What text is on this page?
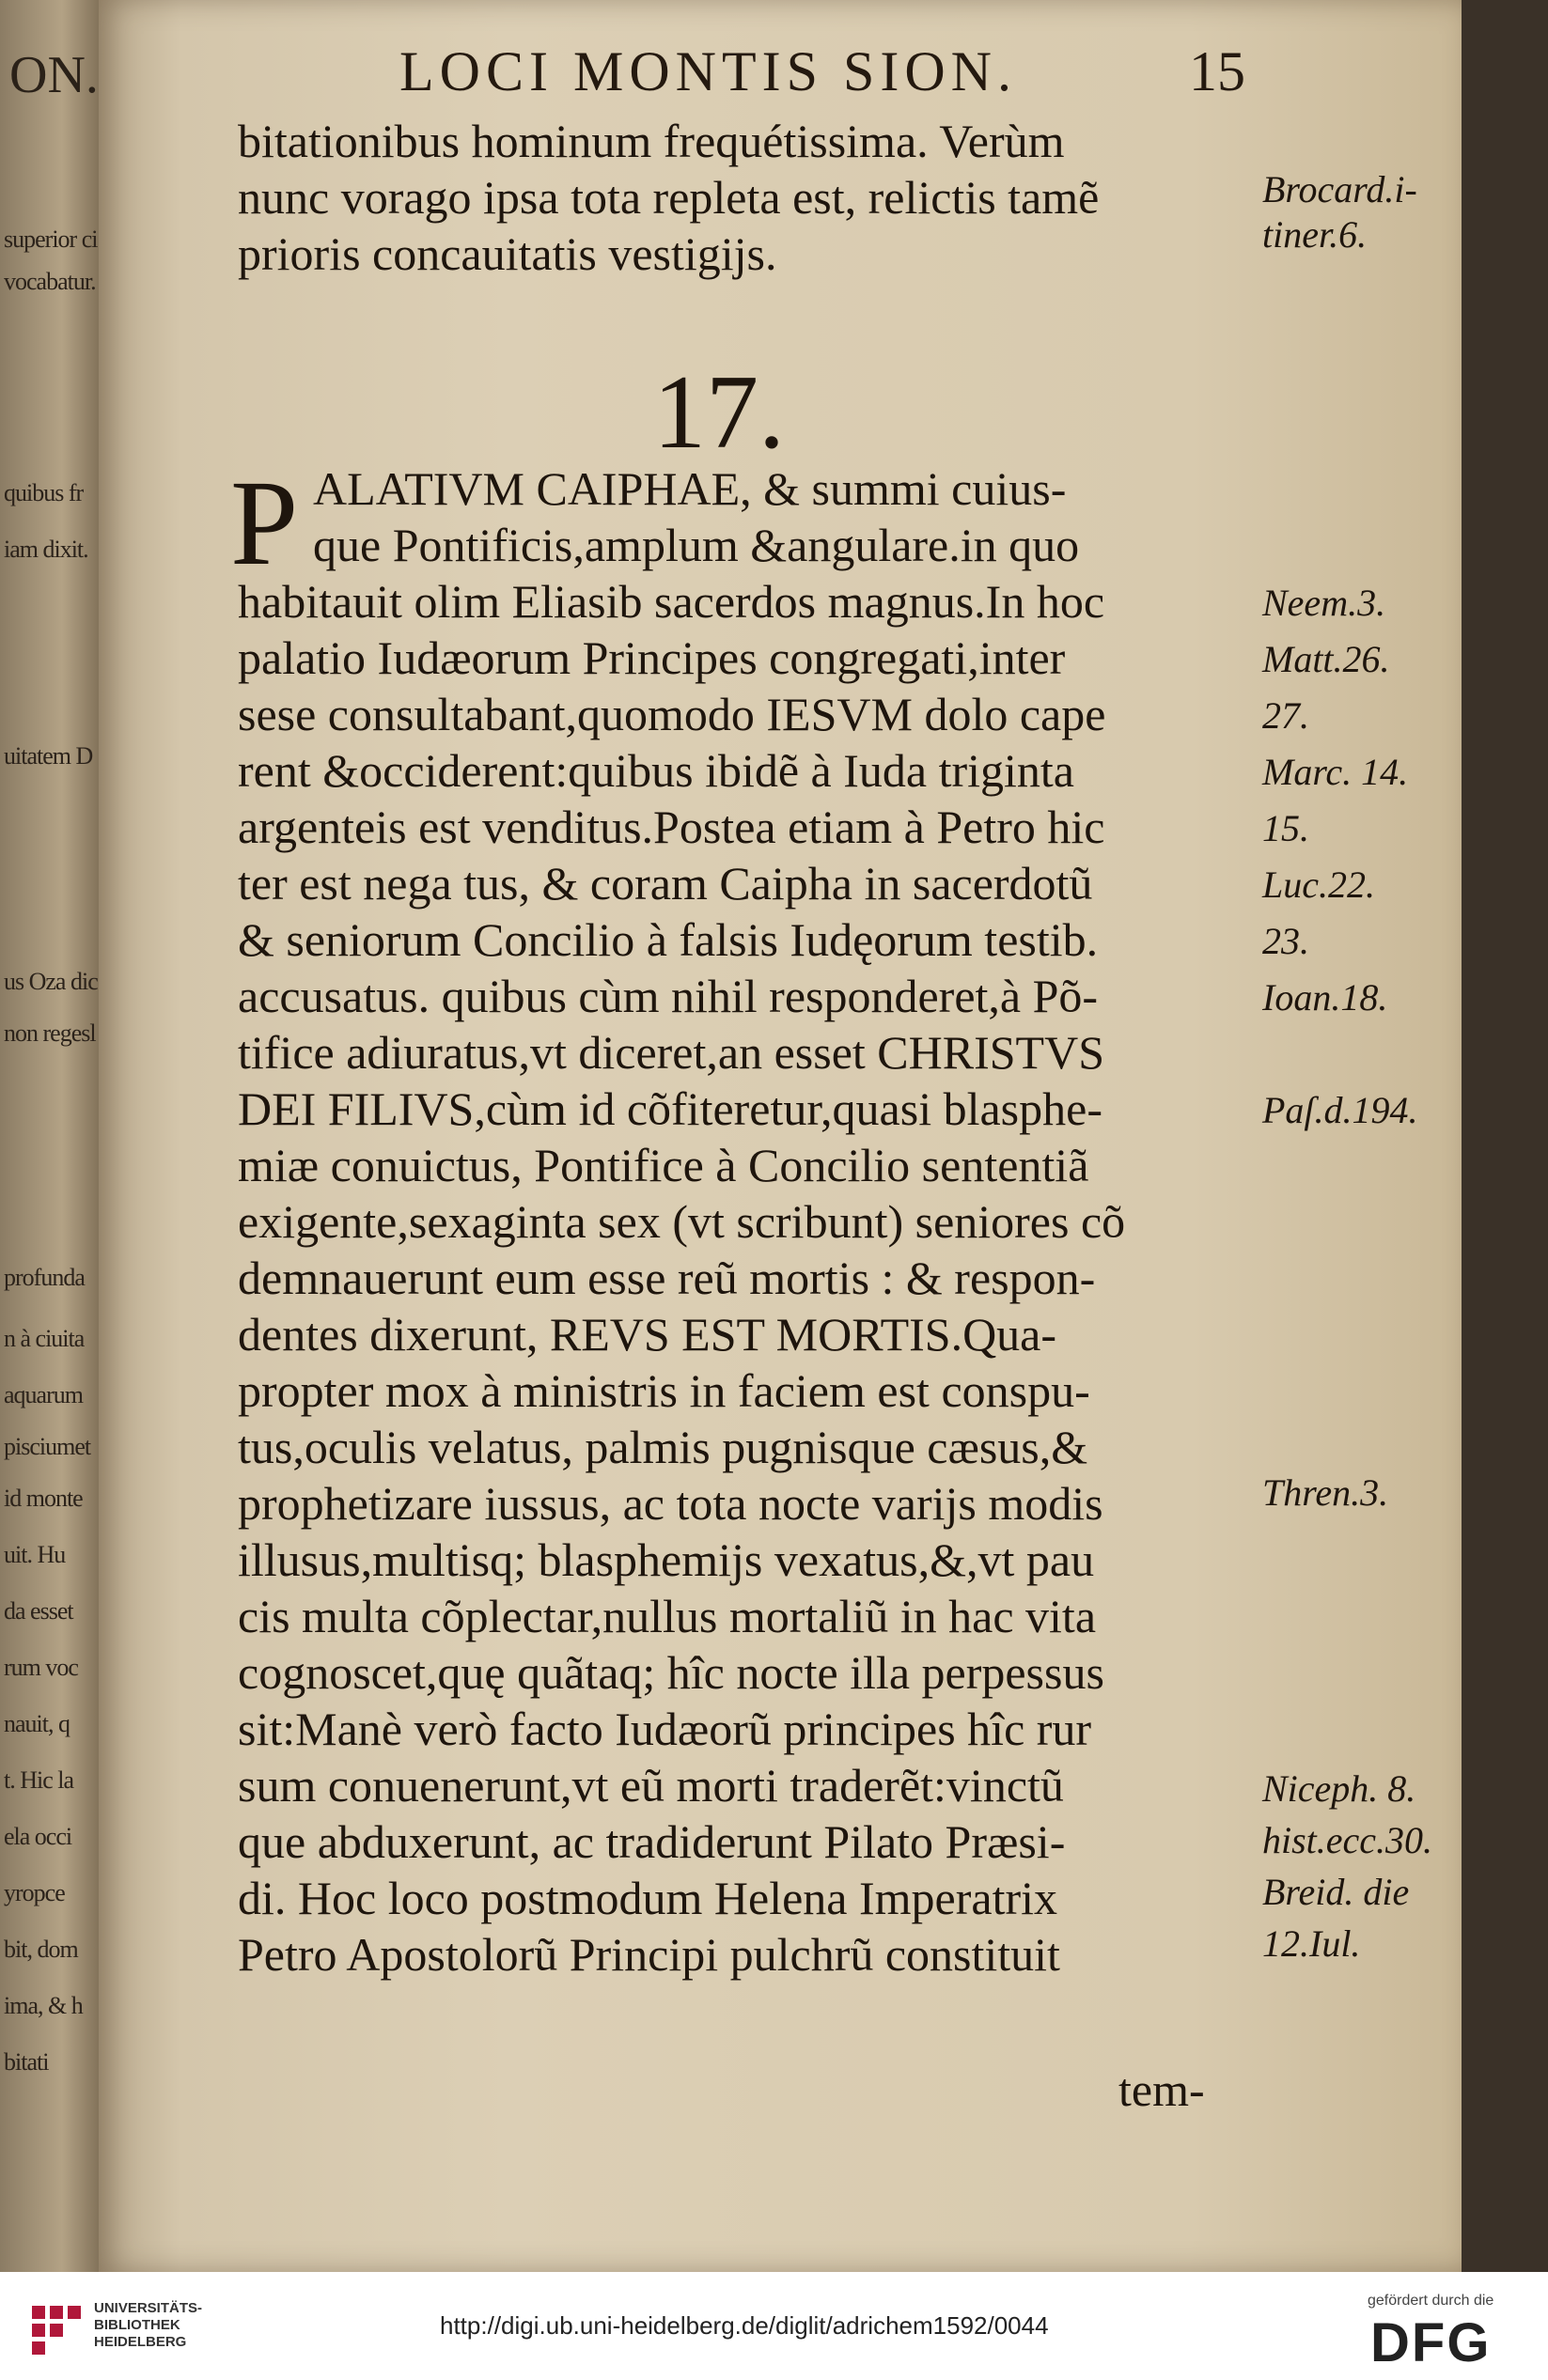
ON.
superior ci
vocabatur.
quibus fr
iam dixit.
uitatem D
us Oza dic
non regesl
profunda
n à ciuita
aquarum
pisciumet
id monte
uit. Hu
da esset
rum voc
nauit, q
t. Hic la
ela occi
yropce
bit, dom
ima, & h
bitati
LOCI MONTIS SION.	15
bitationibus hominum frequétissima. Verùm
nunc vorago ipsa tota repleta est, relictis tamẽ
prioris concauitatis vestigijs.
17.
P ALATIVM CAIPHAE, & summi cuius-
que Pontificis,amplum &angulare.in quo
habitauit olim Eliasib sacerdos magnus.In hoc
palatio Iudæorum Principes congregati,inter
sese consultabant,quomodo IESVM dolo cape
rent &occiderent:quibus ibidẽ à Iuda triginta
argenteis est venditus.Postea etiam à Petro hic
ter est nega tus, & coram Caipha in sacerdotũ
& seniorum Concilio à falsis Iudęorum testib.
accusatus. quibus cùm nihil responderet,à Põ-
tifice adiuratus,vt diceret,an esset CHRISTVS
DEI FILIVS,cùm id cõfiteretur,quasi blasphe-
miæ conuictus, Pontifice à Concilio sententiã
exigente,sexaginta sex (vt scribunt) seniores cõ
demnauerunt eum esse reũ mortis : & respon-
dentes dixerunt, REVS EST MORTIS.Qua-
propter mox à ministris in faciem est conspu-
tus,oculis velatus, palmis pugnisque cæsus,&
prophetizare iussus, ac tota nocte varijs modis
illusus,multisq; blasphemijs vexatus,&,vt pau
cis multa cõplectar,nullus mortaliũ in hac vita
cognoscet,quę quãtaq; hîc nocte illa perpessus
sit:Manè verò facto Iudæorũ principes hîc rur
sum conuenerunt,vt eũ morti traderẽt:vinctũ
que abduxerunt, ac tradiderunt Pilato Præsi-
di. Hoc loco postmodum Helena Imperatrix
Petro Apostolorũ Principi pulchrũ constituit
tem-
Brocard.i-
tiner.6.
Neem.3.
Matt.26.
27.
Marc. 14.
15.
Luc.22.
23.
Ioan.18.
Paſ.d.194.
Thren.3.
Niceph. 8.
hist.ecc.30.
Breid. die
12.Iul.
UNIVERSITÄTS-
BIBLIOTHEK
HEIDELBERG
http://digi.ub.uni-heidelberg.de/diglit/adrichem1592/0044
gefördert durch die
DFG
